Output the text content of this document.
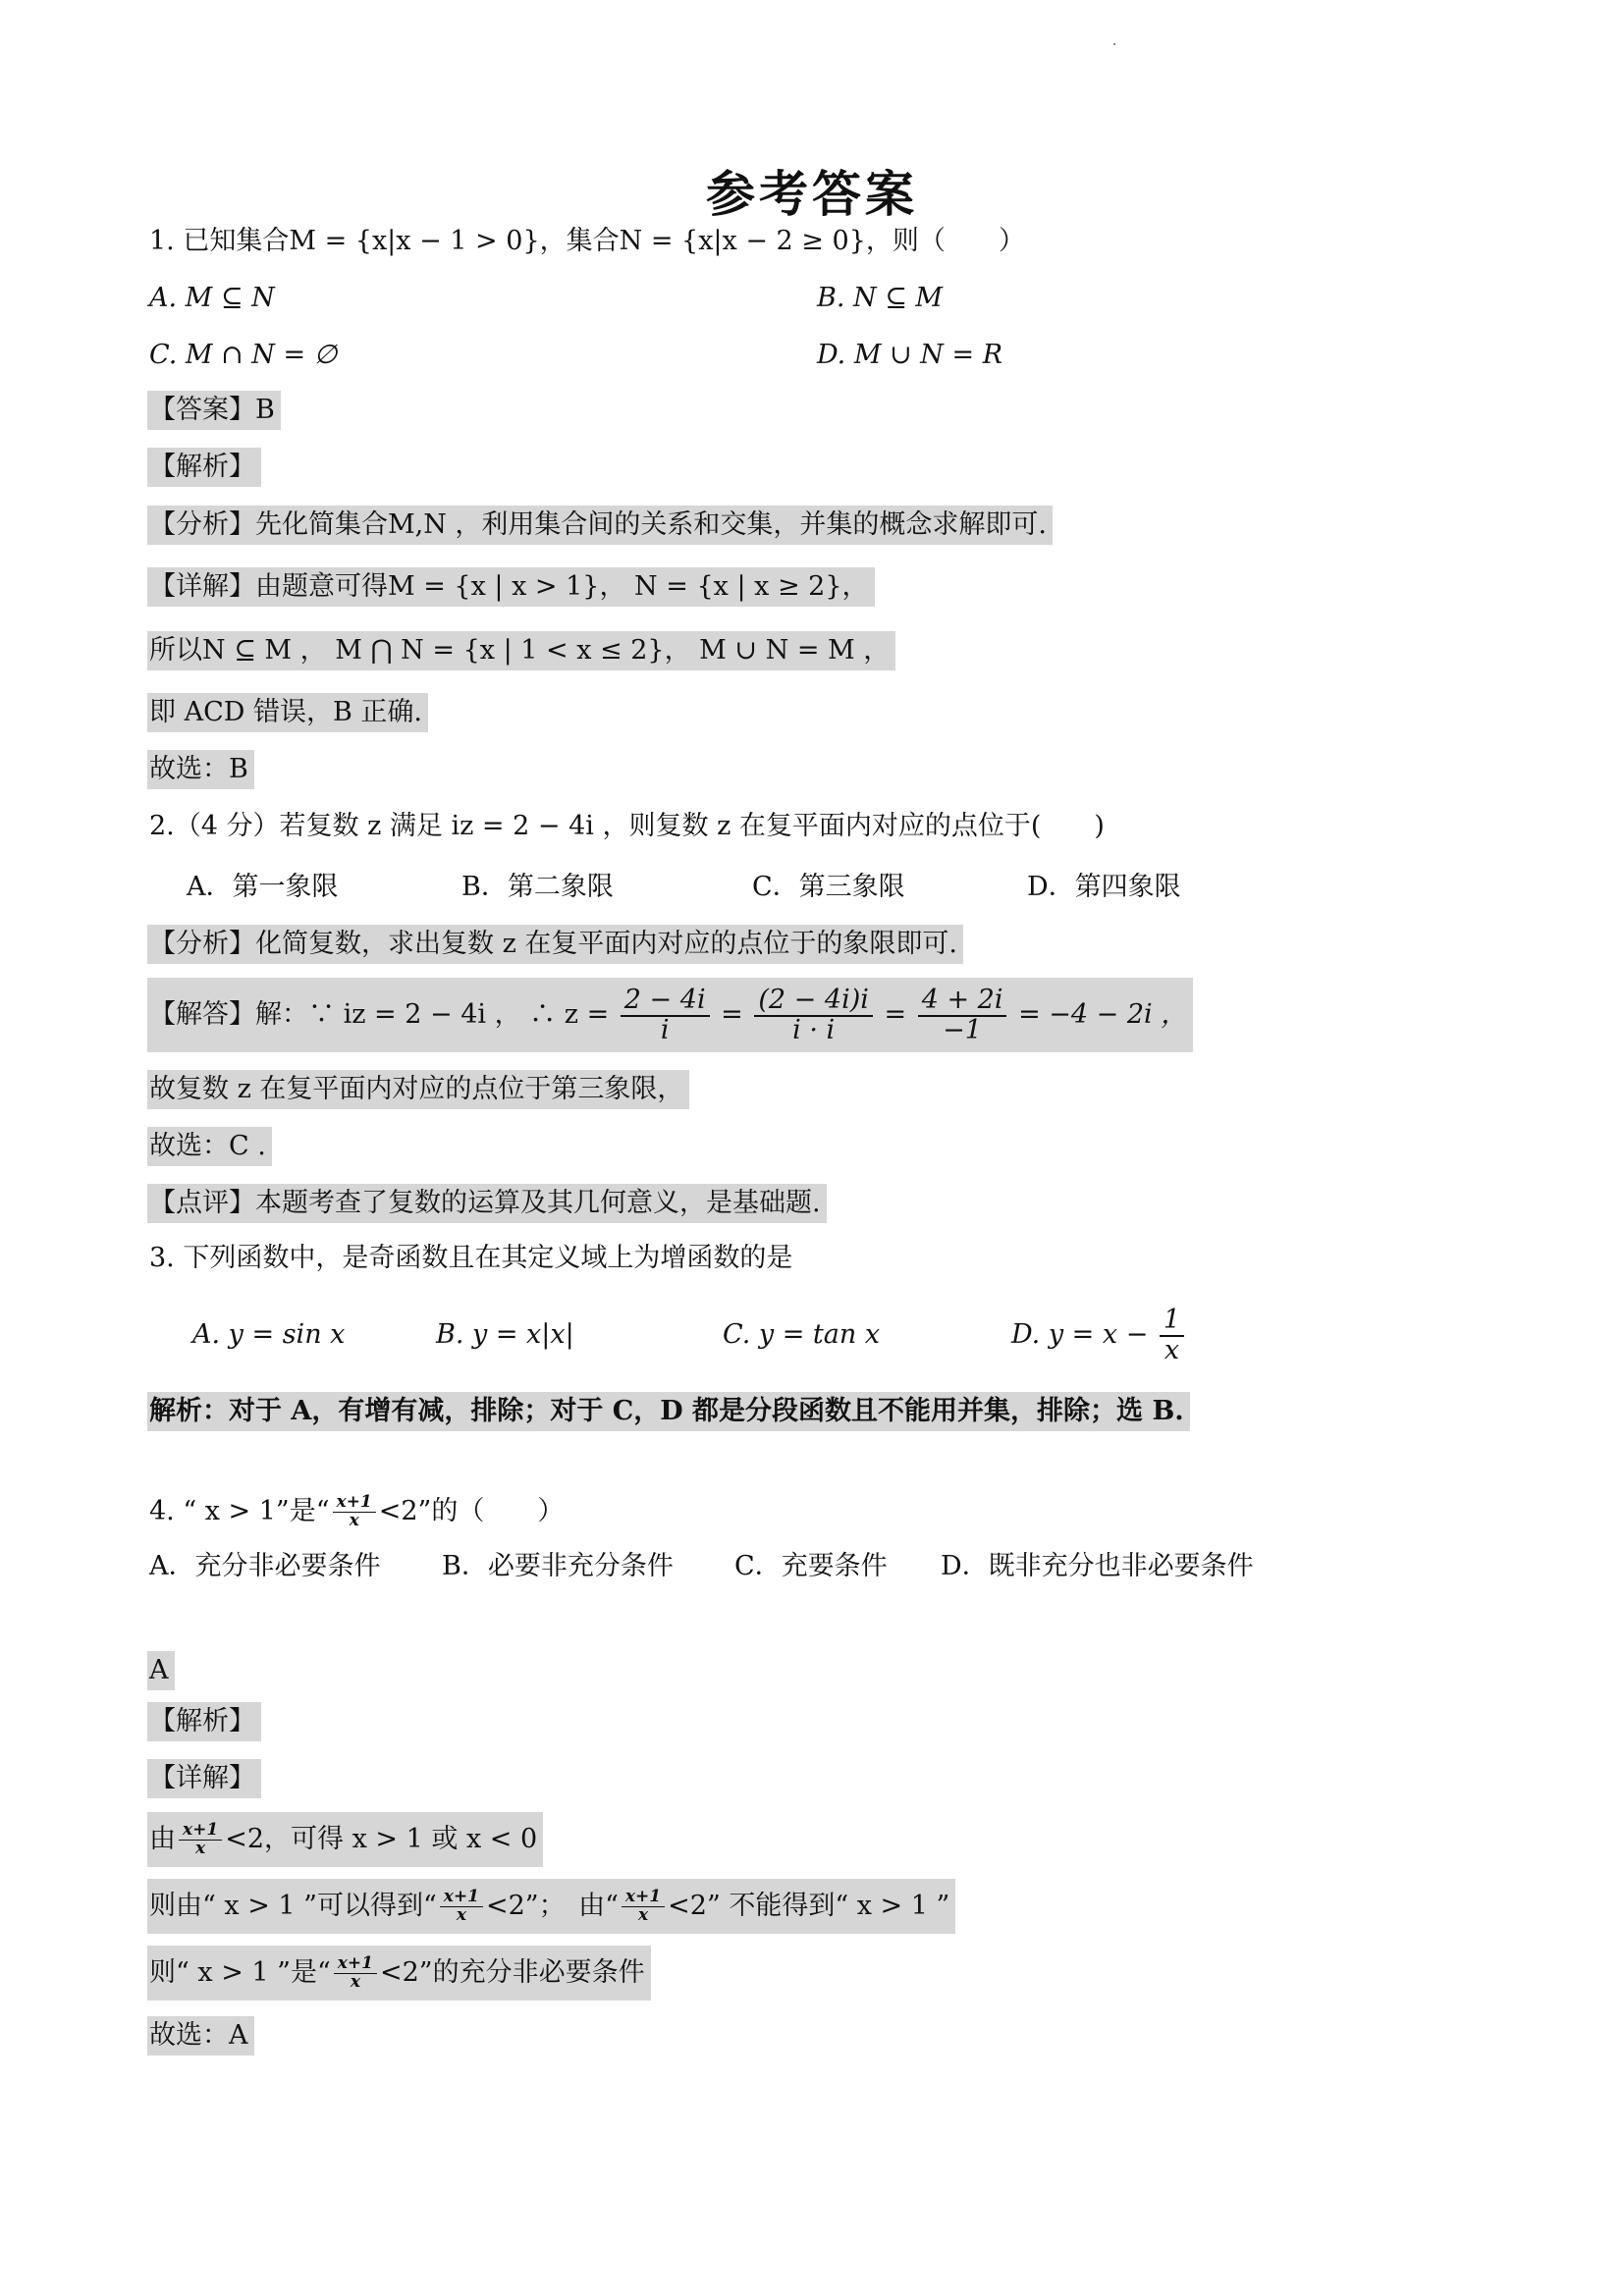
参考答案
1. 已知集合M = {x|x − 1 > 0}，集合N = {x|x − 2 ≥ 0}，则（　　）
A. M ⊆ N	B. N ⊆ M
C. M ∩ N = ∅	D. M ∪ N = R
【答案】B
【解析】
【分析】先化简集合M,N ，利用集合间的关系和交集，并集的概念求解即可.
【详解】由题意可得M = {x | x > 1}， N = {x | x ≥ 2}，
所以N ⊆ M ， M ⋂ N = {x | 1 < x ≤ 2}， M ∪ N = M ，
即 ACD 错误，B 正确.
故选：B
2.（4 分）若复数 z 满足 iz = 2 − 4i ，则复数 z 在复平面内对应的点位于(　　)
A．第一象限	B．第二象限	C．第三象限	D．第四象限
【分析】化简复数，求出复数 z 在复平面内对应的点位于的象限即可.
【解答】解：∵ iz = 2 − 4i ， ∴ $z = \frac{2 - 4i}{i} = \frac{(2 - 4i)i}{i \cdot i} = \frac{4 + 2i}{-1} = -4 - 2i$ ，
故复数 z 在复平面内对应的点位于第三象限，
故选：C .
【点评】本题考查了复数的运算及其几何意义，是基础题.
3. 下列函数中，是奇函数且在其定义域上为增函数的是
A. y = sin x	B. y = x|x|	C. y = tan x	D. $y = x - \frac{1}{x}$
解析：对于 A，有增有减，排除；对于 C，D 都是分段函数且不能用并集，排除；选 B.
4. “ x > 1”是“ $\frac{x+1}{x} <2$”的（　　）
A．充分非必要条件 B．必要非充分条件 C．充要条件 D．既非充分也非必要条件
A
【解析】
【详解】
由 $\frac{x+1}{x} <2$，可得 x > 1 或 x < 0
则由“ x > 1 ”可以得到“ $\frac{x+1}{x} <2$”；　由“ $\frac{x+1}{x} <2$” 不能得到“ x > 1 ”
则“ x > 1 ”是“ $\frac{x+1}{x} <2$”的充分非必要条件
故选：A
